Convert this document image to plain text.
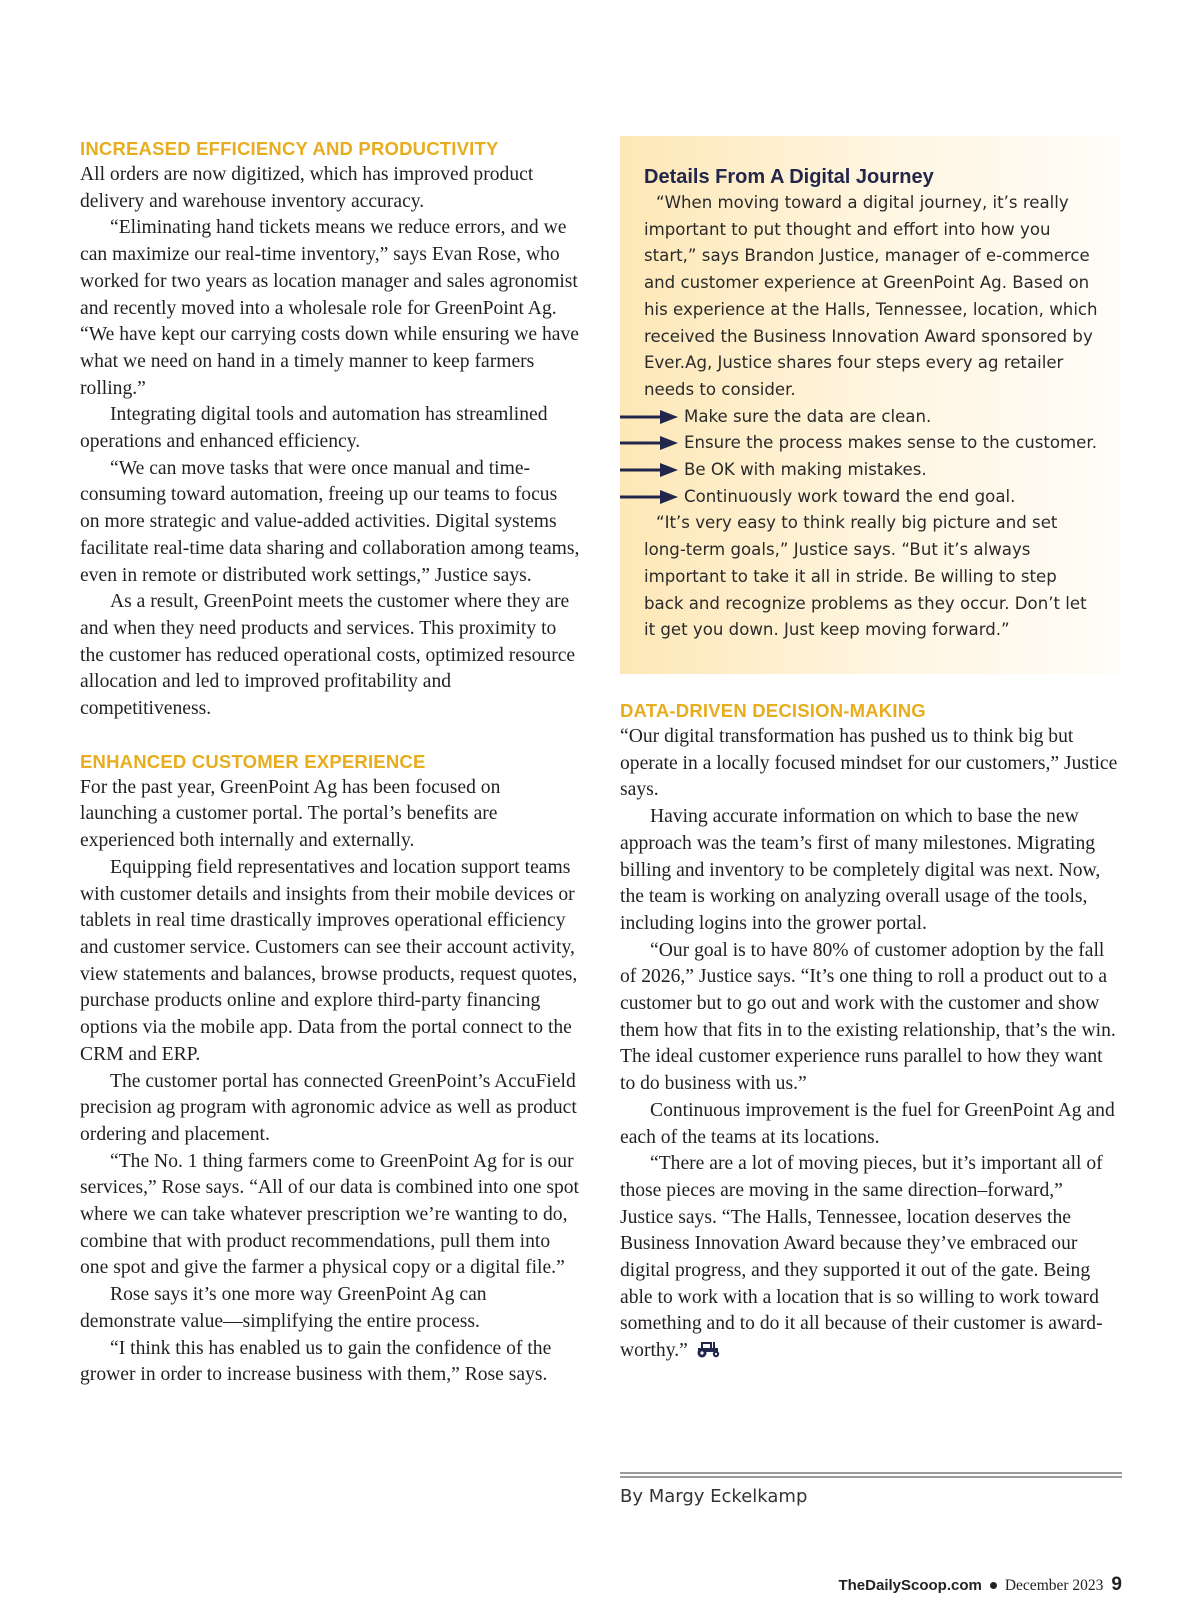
INCREASED EFFICIENCY AND PRODUCTIVITY

All orders are now digitized, which has improved product delivery and warehouse inventory accuracy.

“Eliminating hand tickets means we reduce errors, and we can maximize our real-time inventory,” says Evan Rose, who worked for two years as location manager and sales agronomist and recently moved into a wholesale role for GreenPoint Ag. “We have kept our carrying costs down while ensuring we have what we need on hand in a timely manner to keep farmers rolling.”

Integrating digital tools and automation has streamlined operations and enhanced efficiency.

“We can move tasks that were once manual and time-consuming toward automation, freeing up our teams to focus on more strategic and value-added activities. Digital systems facilitate real-time data sharing and collaboration among teams, even in remote or distributed work settings,” Justice says.

As a result, GreenPoint meets the customer where they are and when they need products and services. This proximity to the customer has reduced operational costs, optimized resource allocation and led to improved profitability and competitiveness.

ENHANCED CUSTOMER EXPERIENCE

For the past year, GreenPoint Ag has been focused on launching a customer portal. The portal’s benefits are experienced both internally and externally.

Equipping field representatives and location support teams with customer details and insights from their mobile devices or tablets in real time drastically improves operational efficiency and customer service. Customers can see their account activity, view statements and balances, browse products, request quotes, purchase products online and explore third-party financing options via the mobile app. Data from the portal connect to the CRM and ERP.

The customer portal has connected GreenPoint’s AccuField precision ag program with agronomic advice as well as product ordering and placement.

“The No. 1 thing farmers come to GreenPoint Ag for is our services,” Rose says. “All of our data is combined into one spot where we can take whatever prescription we’re wanting to do, combine that with product recommendations, pull them into one spot and give the farmer a physical copy or a digital file.”

Rose says it’s one more way GreenPoint Ag can demonstrate value—simplifying the entire process.

“I think this has enabled us to gain the confidence of the grower in order to increase business with them,” Rose says.

Details From A Digital Journey

“When moving toward a digital journey, it’s really important to put thought and effort into how you start,” says Brandon Justice, manager of e-commerce and customer experience at GreenPoint Ag. Based on his experience at the Halls, Tennessee, location, which received the Business Innovation Award sponsored by Ever.Ag, Justice shares four steps every ag retailer needs to consider.

Make sure the data are clean.
Ensure the process makes sense to the customer.
Be OK with making mistakes.
Continuously work toward the end goal.

“It’s very easy to think really big picture and set long-term goals,” Justice says. “But it’s always important to take it all in stride. Be willing to step back and recognize problems as they occur. Don’t let it get you down. Just keep moving forward.”

DATA-DRIVEN DECISION-MAKING

“Our digital transformation has pushed us to think big but operate in a locally focused mindset for our customers,” Justice says.

Having accurate information on which to base the new approach was the team’s first of many milestones. Migrating billing and inventory to be completely digital was next. Now, the team is working on analyzing overall usage of the tools, including logins into the grower portal.

“Our goal is to have 80% of customer adoption by the fall of 2026,” Justice says. “It’s one thing to roll a product out to a customer but to go out and work with the customer and show them how that fits in to the existing relationship, that’s the win. The ideal customer experience runs parallel to how they want to do business with us.”

Continuous improvement is the fuel for GreenPoint Ag and each of the teams at its locations.

“There are a lot of moving pieces, but it’s important all of those pieces are moving in the same direction–forward,” Justice says. “The Halls, Tennessee, location deserves the Business Innovation Award because they’ve embraced our digital progress, and they supported it out of the gate. Being able to work with a location that is so willing to work toward something and to do it all because of their customer is award-worthy.”

By Margy Eckelkamp
TheDailyScoop.com December 2023 9
